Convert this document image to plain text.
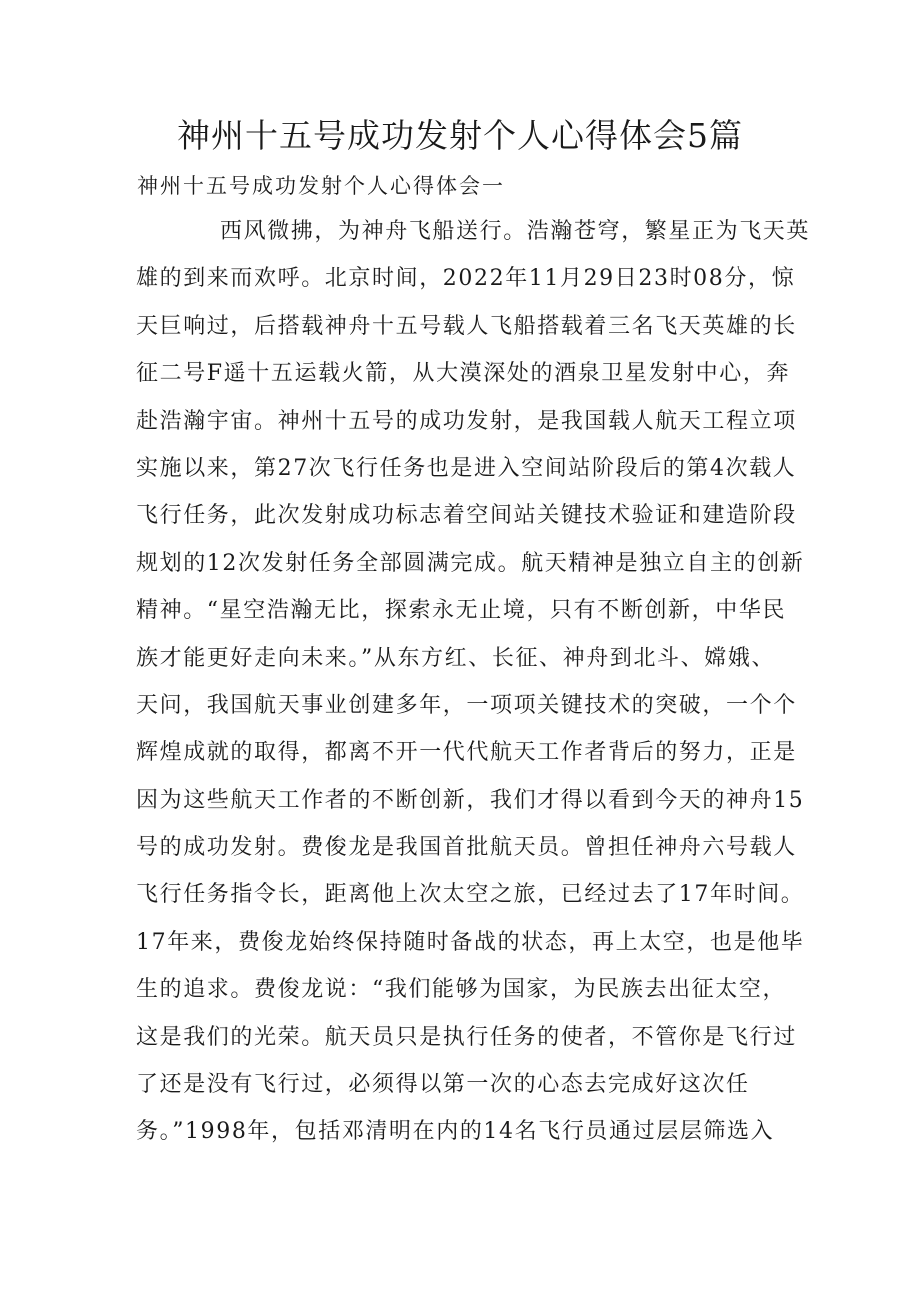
神州十五号成功发射个人心得体会5篇
神州十五号成功发射个人心得体会一
西风微拂，为神舟飞船送行。浩瀚苍穹，繁星正为飞天英
雄的到来而欢呼。北京时间，2022年11月29日23时08分，惊
天巨响过，后搭载神舟十五号载人飞船搭载着三名飞天英雄的长
征二号F遥十五运载火箭，从大漠深处的酒泉卫星发射中心，奔
赴浩瀚宇宙。神州十五号的成功发射，是我国载人航天工程立项
实施以来，第27次飞行任务也是进入空间站阶段后的第4次载人
飞行任务，此次发射成功标志着空间站关键技术验证和建造阶段
规划的12次发射任务全部圆满完成。航天精神是独立自主的创新
精神。“星空浩瀚无比，探索永无止境，只有不断创新，中华民
族才能更好走向未来。”从东方红、长征、神舟到北斗、嫦娥、
天问，我国航天事业创建多年，一项项关键技术的突破，一个个
辉煌成就的取得，都离不开一代代航天工作者背后的努力，正是
因为这些航天工作者的不断创新，我们才得以看到今天的神舟15
号的成功发射。费俊龙是我国首批航天员。曾担任神舟六号载人
飞行任务指令长，距离他上次太空之旅，已经过去了17年时间。
17年来，费俊龙始终保持随时备战的状态，再上太空，也是他毕
生的追求。费俊龙说：“我们能够为国家，为民族去出征太空，
这是我们的光荣。航天员只是执行任务的使者，不管你是飞行过
了还是没有飞行过，必须得以第一次的心态去完成好这次任
务。”1998年，包括邓清明在内的14名飞行员通过层层筛选入
